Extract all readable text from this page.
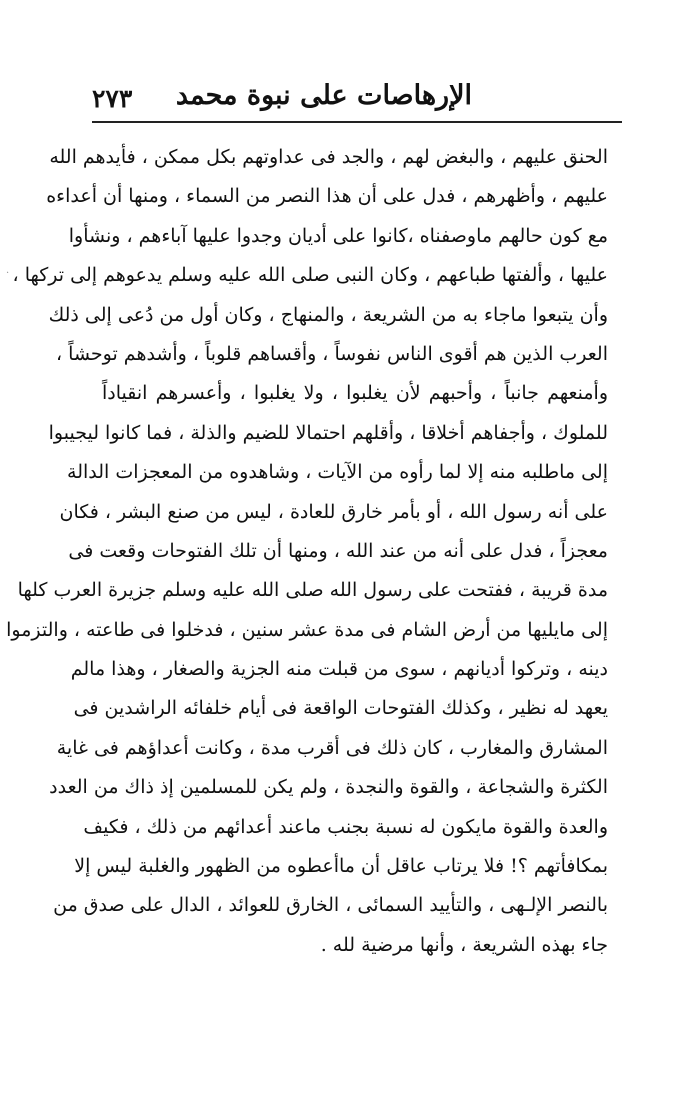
الإرهاصات على نبوة محمد
٢٧٣
·
الحنق عليهم ، والبغض لهم ، والجد فى عداوتهم بكل ممكن ، فأيدهم الله
عليهم ، وأظهرهم ، فدل على أن هذا النصر من السماء ، ومنها أن أعداءه
مع كون حالهم ماوصفناه ،كانوا على أديان وجدوا عليها آباءهم ، ونشأوا
عليها ، وألفتها طباعهم ، وكان النبى صلى الله عليه وسلم يدعوهم إلى تركها ،
وأن يتبعوا ماجاء به من الشريعة ، والمنهاج ، وكان أول من دُعى إلى ذلك
العرب الذين هم أقوى الناس نفوساً ، وأقساهم قلوباً ، وأشدهم توحشاً ،
وأمنعهم جانباً ، وأحبهم لأن يغلبوا ، ولا يغلبوا ، وأعسرهم انقياداً
للملوك ، وأجفاهم أخلاقا ، وأقلهم احتمالا للضيم والذلة ، فما كانوا ليجيبوا
إلى ماطلبه منه إلا لما رأوه من الآيات ، وشاهدوه من المعجزات الدالة
على أنه رسول الله ، أو بأمر خارق للعادة ، ليس من صنع البشر ، فكان
معجزاً ، فدل على أنه من عند الله ، ومنها أن تلك الفتوحات وقعت فى
مدة قريبة ، ففتحت على رسول الله صلى الله عليه وسلم جزيرة العرب كلها
إلى مايليها من أرض الشام فى مدة عشر سنين ، فدخلوا فى طاعته ، والتزموا
دينه ، وتركوا أديانهم ، سوى من قبلت منه الجزية والصغار ، وهذا مالم
يعهد له نظير ، وكذلك الفتوحات الواقعة فى أيام خلفائه الراشدين فى
المشارق والمغارب ، كان ذلك فى أقرب مدة ، وكانت أعداؤهم فى غاية
الكثرة والشجاعة ، والقوة والنجدة ، ولم يكن للمسلمين إذ ذاك من العدد
والعدة والقوة مايكون له نسبة بجنب ماعند أعدائهم من ذلك ، فكيف
بمكافأتهم ؟! فلا يرتاب عاقل أن ماأعطوه من الظهور والغلبة ليس إلا
بالنصر الإلـهى ، والتأييد السمائى ، الخارق للعوائد ، الدال على صدق من
جاء بهذه الشريعة ، وأنها مرضية لله .
